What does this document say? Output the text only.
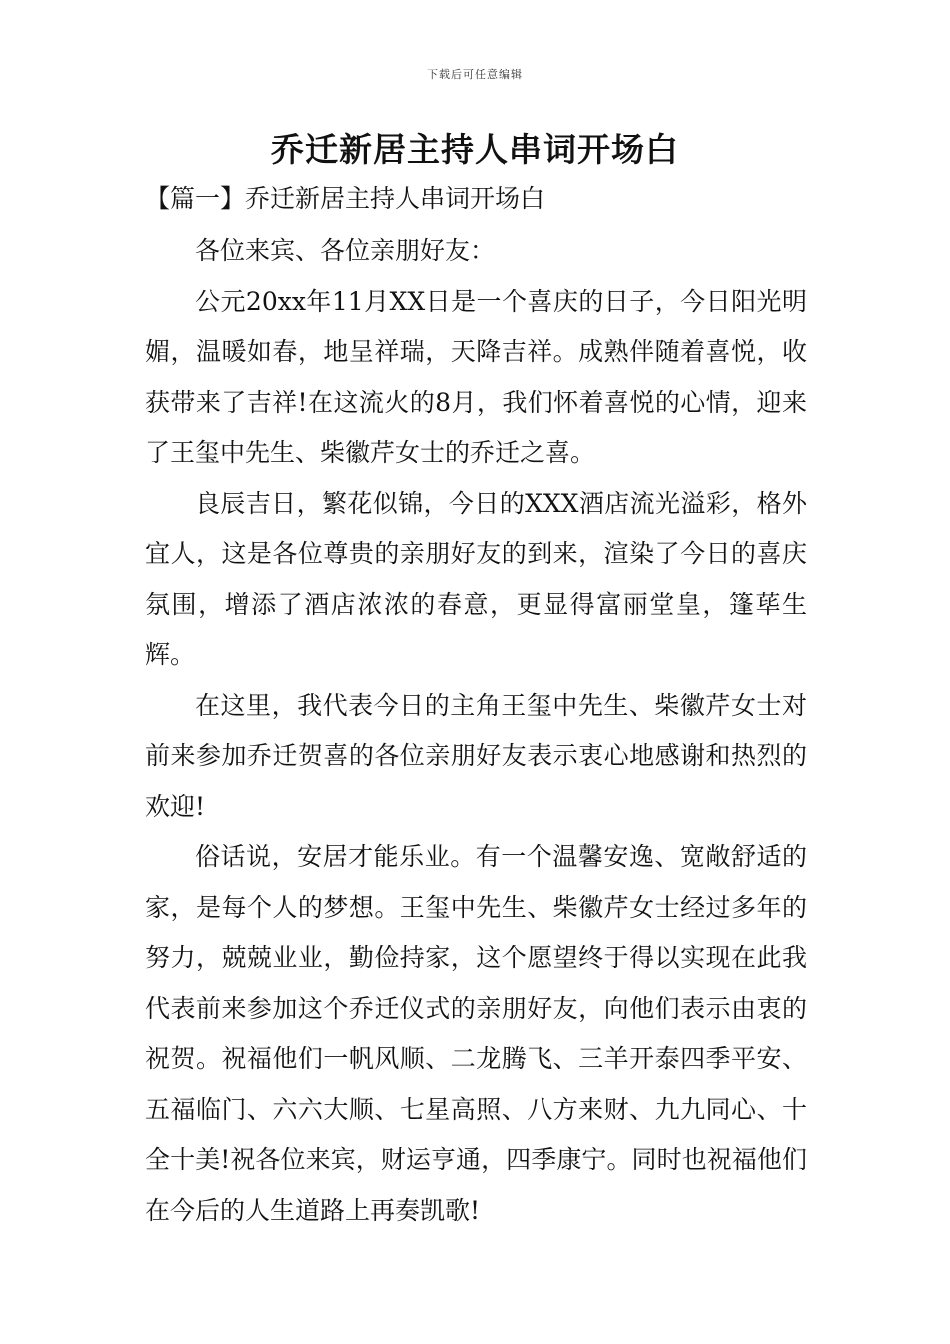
下载后可任意编辑
乔迁新居主持人串词开场白
【篇一】乔迁新居主持人串词开场白

各位来宾、各位亲朋好友：

公元20xx年11月XX日是一个喜庆的日子，今日阳光明媚，温暖如春，地呈祥瑞，天降吉祥。成熟伴随着喜悦，收获带来了吉祥!在这流火的8月，我们怀着喜悦的心情，迎来了王玺中先生、柴徽芹女士的乔迁之喜。

良辰吉日，繁花似锦，今日的XXX酒店流光溢彩，格外宜人，这是各位尊贵的亲朋好友的到来，渲染了今日的喜庆氛围，增添了酒店浓浓的春意，更显得富丽堂皇，篷荜生辉。

在这里，我代表今日的主角王玺中先生、柴徽芹女士对前来参加乔迁贺喜的各位亲朋好友表示衷心地感谢和热烈的欢迎!

俗话说，安居才能乐业。有一个温馨安逸、宽敞舒适的家，是每个人的梦想。王玺中先生、柴徽芹女士经过多年的努力，兢兢业业，勤俭持家，这个愿望终于得以实现在此我代表前来参加这个乔迁仪式的亲朋好友，向他们表示由衷的祝贺。祝福他们一帆风顺、二龙腾飞、三羊开泰四季平安、五福临门、六六大顺、七星高照、八方来财、九九同心、十全十美!祝各位来宾，财运亨通，四季康宁。同时也祝福他们在今后的人生道路上再奏凯歌!
